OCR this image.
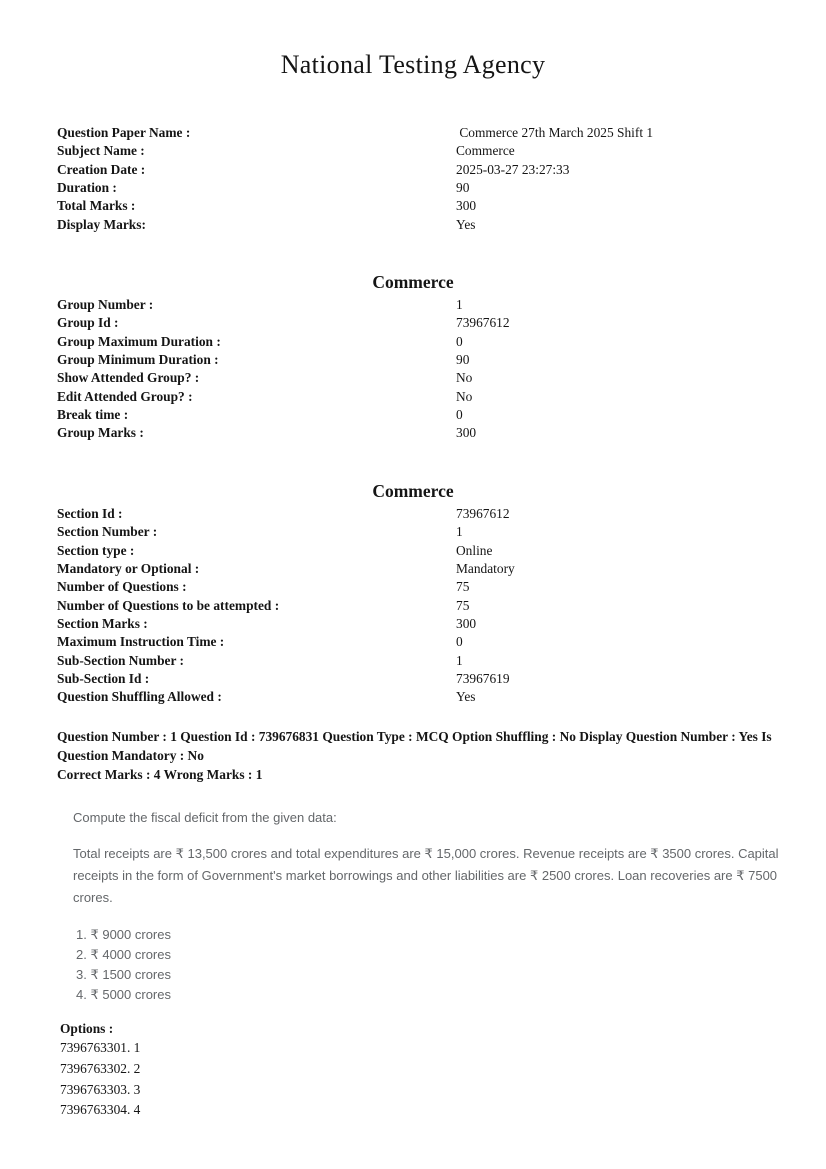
National Testing Agency
Question Paper Name :	Commerce 27th March 2025 Shift 1
Subject Name :	Commerce
Creation Date :	2025-03-27 23:27:33
Duration :	90
Total Marks :	300
Display Marks:	Yes
Commerce
Group Number :	1
Group Id :	73967612
Group Maximum Duration :	0
Group Minimum Duration :	90
Show Attended Group? :	No
Edit Attended Group? :	No
Break time :	0
Group Marks :	300
Commerce
Section Id :	73967612
Section Number :	1
Section type :	Online
Mandatory or Optional :	Mandatory
Number of Questions :	75
Number of Questions to be attempted :	75
Section Marks :	300
Maximum Instruction Time :	0
Sub-Section Number :	1
Sub-Section Id :	73967619
Question Shuffling Allowed :	Yes
Question Number : 1 Question Id : 739676831 Question Type : MCQ Option Shuffling : No Display Question Number : Yes Is Question Mandatory : No
Correct Marks : 4 Wrong Marks : 1
Compute the fiscal deficit from the given data:
Total receipts are ₹ 13,500 crores and total expenditures are ₹ 15,000 crores. Revenue receipts are ₹ 3500 crores. Capital receipts in the form of Government's market borrowings and other liabilities are ₹ 2500 crores. Loan recoveries are ₹ 7500 crores.
1. ₹ 9000 crores
2. ₹ 4000 crores
3. ₹ 1500 crores
4. ₹ 5000 crores
Options :
7396763301. 1
7396763302. 2
7396763303. 3
7396763304. 4
